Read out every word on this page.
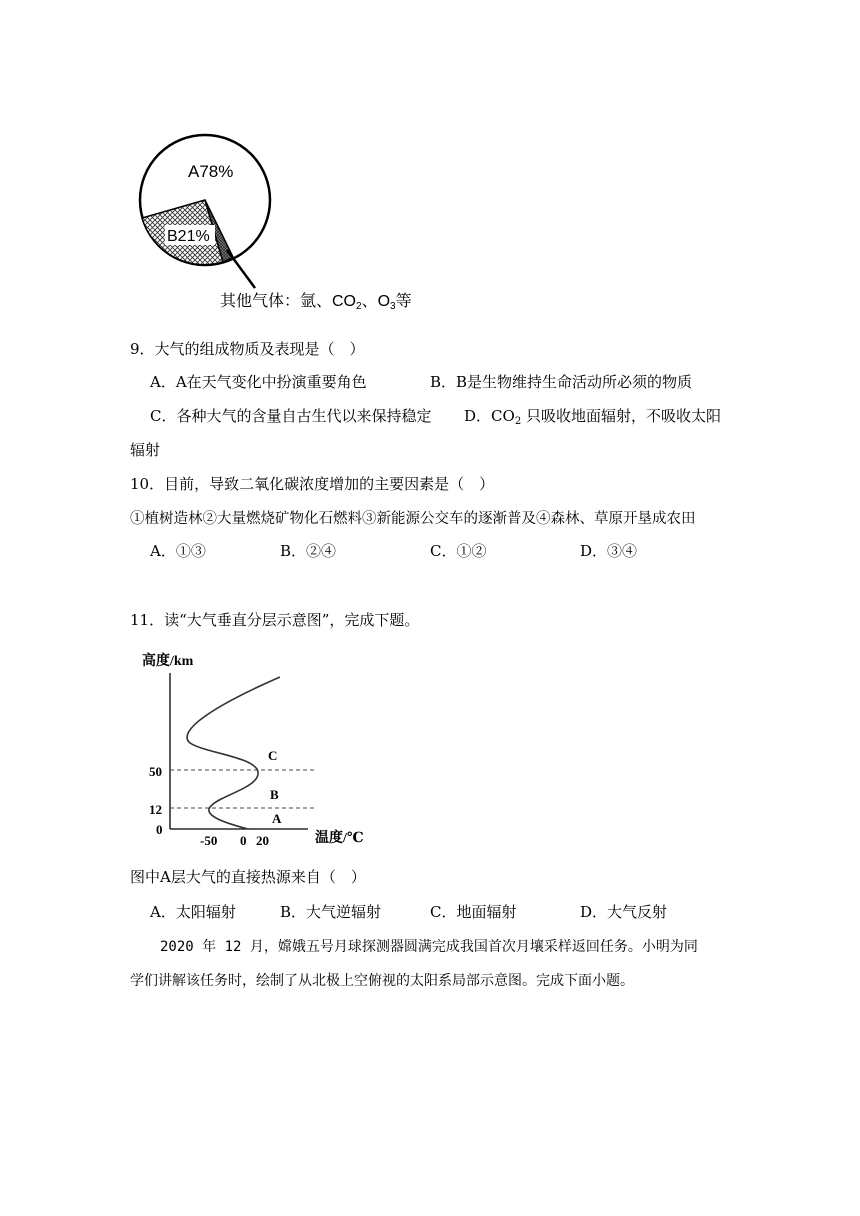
A78%
B21%
其他气体：氩、$CO_2$、$O_3$等
9．大气的组成物质及表现是（　）
A．A在天气变化中扮演重要角色	B．B是生物维持生命活动所必须的物质
C．各种大气的含量自古生代以来保持稳定 D．$CO_2$ 只吸收地面辐射，不吸收太阳
辐射
10．目前，导致二氧化碳浓度增加的主要因素是（　）
①植树造林②大量燃烧矿物化石燃料③新能源公交车的逐渐普及④森林、草原开垦成农田
A．①③	B．②④	C．①②	D．③④
11．读“大气垂直分层示意图”，完成下题。
高度/km
50
12
0
-50 0 20	温度/℃
C
B
A
图中A层大气的直接热源来自（　）
A．太阳辐射	B．大气逆辐射	C．地面辐射	D．大气反射
2020 年 12 月，嫦娥五号月球探测器圆满完成我国首次月壤采样返回任务。小明为同
学们讲解该任务时，绘制了从北极上空俯视的太阳系局部示意图。完成下面小题。
